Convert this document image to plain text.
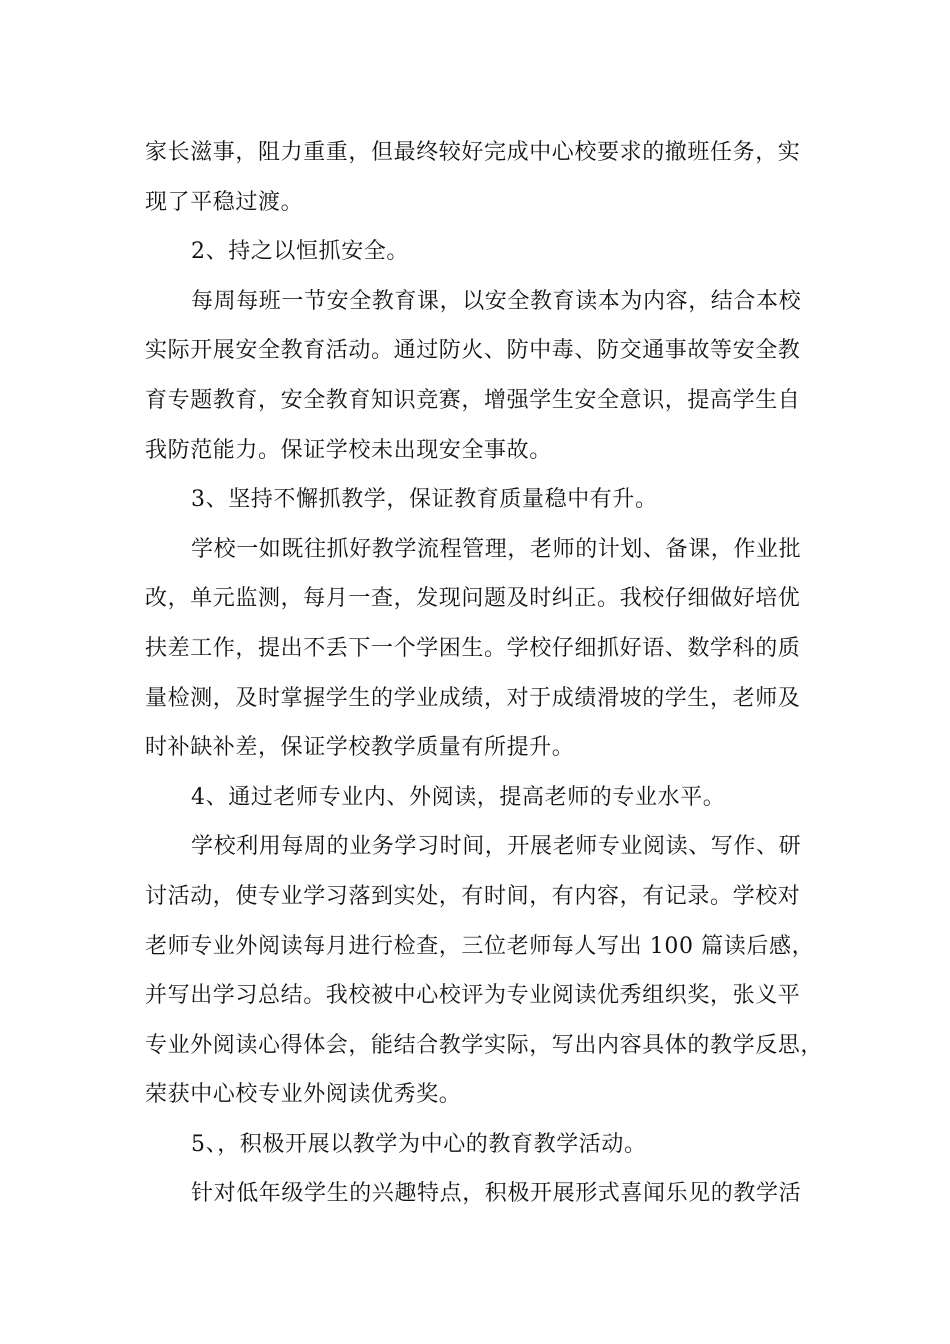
家长滋事，阻力重重，但最终较好完成中心校要求的撤班任务，实

现了平稳过渡。

2、持之以恒抓安全。

每周每班一节安全教育课，以安全教育读本为内容，结合本校

实际开展安全教育活动。通过防火、防中毒、防交通事故等安全教

育专题教育，安全教育知识竞赛，增强学生安全意识，提高学生自

我防范能力。保证学校未出现安全事故。

3、坚持不懈抓教学，保证教育质量稳中有升。

学校一如既往抓好教学流程管理，老师的计划、备课，作业批

改，单元监测，每月一查，发现问题及时纠正。我校仔细做好培优

扶差工作，提出不丢下一个学困生。学校仔细抓好语、数学科的质

量检测，及时掌握学生的学业成绩，对于成绩滑坡的学生，老师及

时补缺补差，保证学校教学质量有所提升。

4、通过老师专业内、外阅读，提高老师的专业水平。

学校利用每周的业务学习时间，开展老师专业阅读、写作、研

讨活动，使专业学习落到实处，有时间，有内容，有记录。学校对

老师专业外阅读每月进行检查，三位老师每人写出 100 篇读后感，

并写出学习总结。我校被中心校评为专业阅读优秀组织奖，张义平

专业外阅读心得体会，能结合教学实际，写出内容具体的教学反思，

荣获中心校专业外阅读优秀奖。

5、，积极开展以教学为中心的教育教学活动。

针对低年级学生的兴趣特点，积极开展形式喜闻乐见的教学活
